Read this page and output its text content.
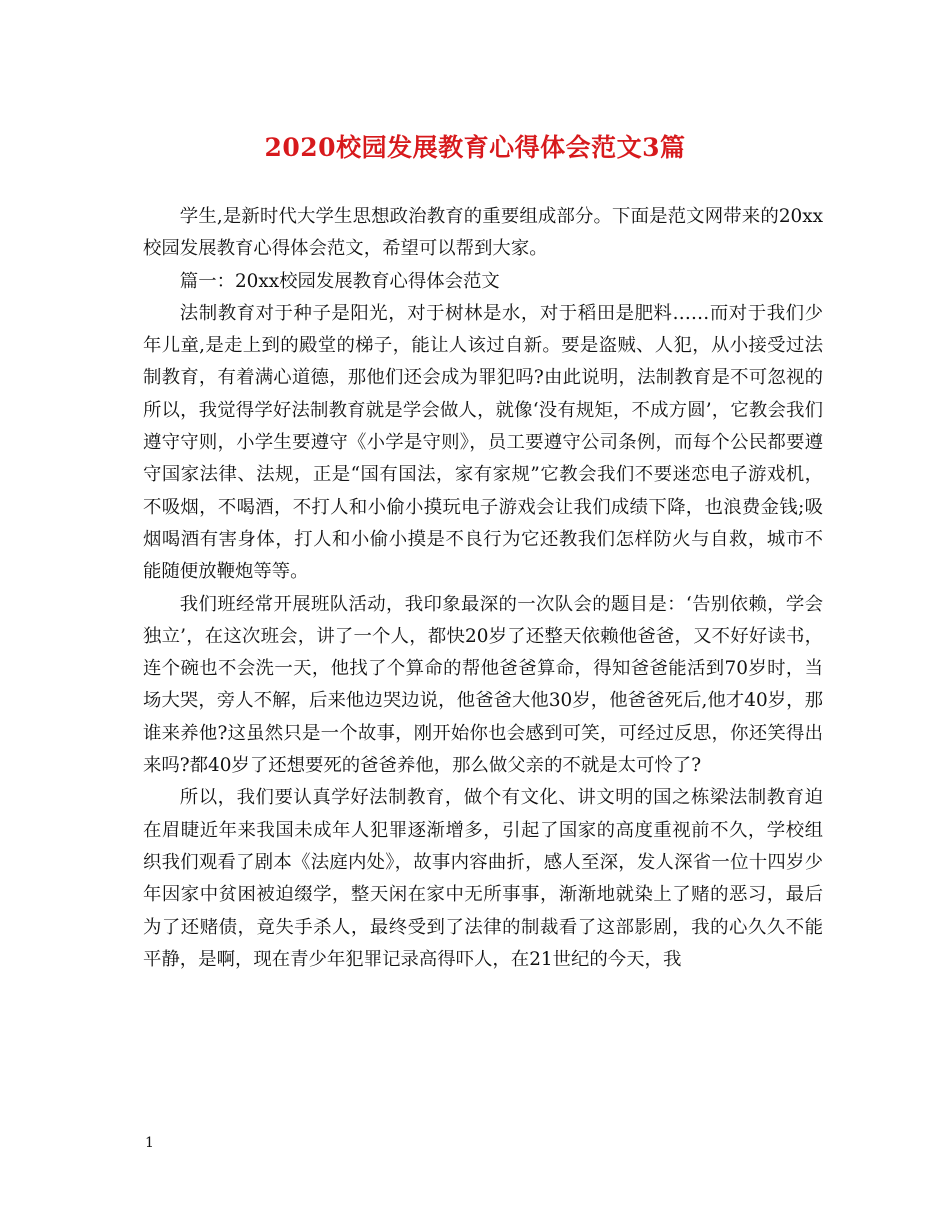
2020校园发展教育心得体会范文3篇

学生,是新时代大学生思想政治教育的重要组成部分。下面是范文网带来的20xx校园发展教育心得体会范文，希望可以帮到大家。

篇一：20xx校园发展教育心得体会范文

法制教育对于种子是阳光，对于树林是水，对于稻田是肥料……而对于我们少年儿童,是走上到的殿堂的梯子，能让人该过自新。要是盗贼、人犯，从小接受过法制教育，有着满心道德，那他们还会成为罪犯吗?由此说明，法制教育是不可忽视的所以，我觉得学好法制教育就是学会做人，就像‘没有规矩，不成方圆’，它教会我们遵守守则，小学生要遵守《小学是守则》，员工要遵守公司条例，而每个公民都要遵守国家法律、法规，正是“国有国法，家有家规”它教会我们不要迷恋电子游戏机，不吸烟，不喝酒，不打人和小偷小摸玩电子游戏会让我们成绩下降，也浪费金钱;吸烟喝酒有害身体，打人和小偷小摸是不良行为它还教我们怎样防火与自救，城市不能随便放鞭炮等等。

我们班经常开展班队活动，我印象最深的一次队会的题目是：‘告别依赖，学会独立’，在这次班会，讲了一个人，都快20岁了还整天依赖他爸爸，又不好好读书，连个碗也不会洗一天，他找了个算命的帮他爸爸算命，得知爸爸能活到70岁时，当场大哭，旁人不解，后来他边哭边说，他爸爸大他30岁，他爸爸死后,他才40岁，那谁来养他?这虽然只是一个故事，刚开始你也会感到可笑，可经过反思，你还笑得出来吗?都40岁了还想要死的爸爸养他，那么做父亲的不就是太可怜了?

所以，我们要认真学好法制教育，做个有文化、讲文明的国之栋梁法制教育迫在眉睫近年来我国未成年人犯罪逐渐增多，引起了国家的高度重视前不久，学校组织我们观看了剧本《法庭内处》，故事内容曲折，感人至深，发人深省一位十四岁少年因家中贫困被迫缀学，整天闲在家中无所事事，渐渐地就染上了赌的恶习，最后为了还赌债，竟失手杀人，最终受到了法律的制裁看了这部影剧，我的心久久不能平静，是啊，现在青少年犯罪记录高得吓人，在21世纪的今天，我

1
